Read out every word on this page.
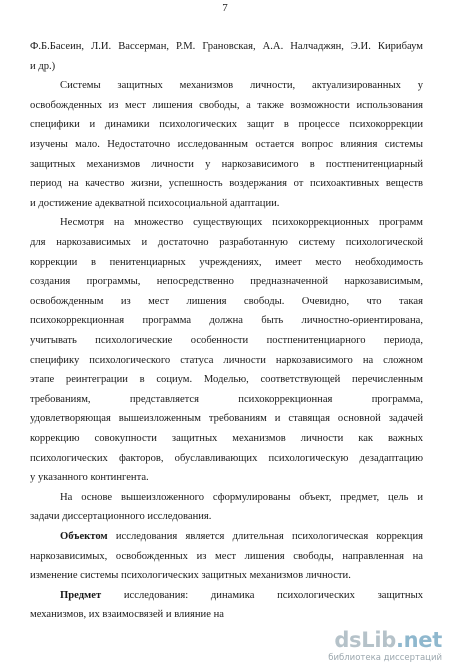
7
Ф.Б.Басеин, Л.И. Вассерман, Р.М. Грановская, А.А. Налчаджян, Э.И. Кирибаум
и др.)
Системы защитных механизмов личности, актуализированных у
освобожденных из мест лишения свободы, а также возможности использования
специфики и динамики психологических защит в процессе психокоррекции
изучены мало. Недостаточно исследованным остается вопрос влияния системы
защитных механизмов личности у наркозависимого в постпенитенциарный
период на качество жизни, успешность воздержания от психоактивных веществ
и достижение адекватной психосоциальной адаптации.
Несмотря на множество существующих психокоррекционных программ
для наркозависимых и достаточно разработанную систему психологической
коррекции в пенитенциарных учреждениях, имеет место необходимость
создания программы, непосредственно предназначенной наркозависимым,
освобожденным из мест лишения свободы. Очевидно, что такая
психокоррекционная программа должна быть личностно-ориентирована,
учитывать психологические особенности постпенитенциарного периода,
специфику психологического статуса личности наркозависимого на сложном
этапе реинтеграции в социум. Моделью, соответствующей перечисленным
требованиям, представляется психокоррекционная программа,
удовлетворяющая вышеизложенным требованиям и ставящая основной задачей
коррекцию совокупности защитных механизмов личности как важных
психологических факторов, обуславливающих психологическую дезадаптацию
у указанного контингента.
На основе вышеизложенного сформулированы объект, предмет, цель и
задачи диссертационного исследования.
Объектом исследования является длительная психологическая коррекция
наркозависимых, освобожденных из мест лишения свободы, направленная на
изменение системы психологических защитных механизмов личности.
Предмет исследования: динамика психологических защитных
механизмов, их взаимосвязей и влияние на
dsLib.net
библиотека диссертаций
